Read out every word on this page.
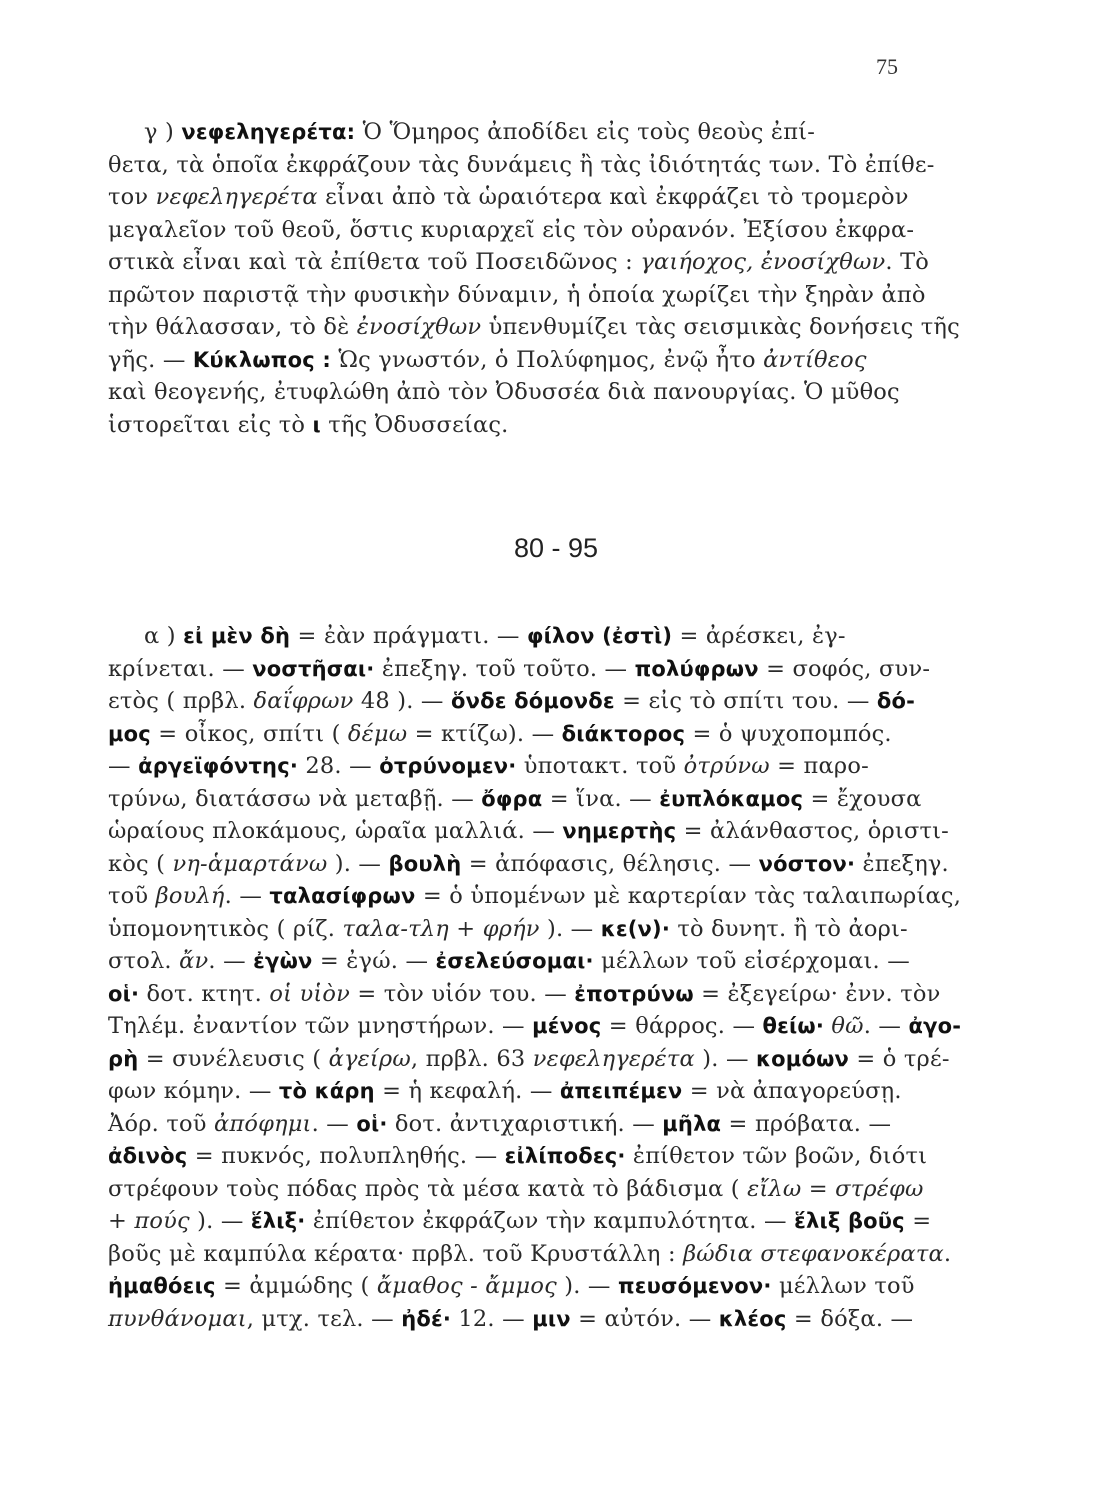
75
γ ) νεφεληγερέτα: Ὁ Ὅμηρος ἀποδίδει εἰς τοὺς θεοὺς ἐπί-
θετα, τὰ ὁποῖα ἐκφράζουν τὰς δυνάμεις ἢ τὰς ἰδιότητάς των. Τὸ ἐπίθε-
τον νεφεληγερέτα εἶναι ἀπὸ τὰ ὡραιότερα καὶ ἐκφράζει τὸ τρομερὸν
μεγαλεῖον τοῦ θεοῦ, ὅστις κυριαρχεῖ εἰς τὸν οὐρανόν. Ἐξίσου ἐκφρα-
στικὰ εἶναι καὶ τὰ ἐπίθετα τοῦ Ποσειδῶνος : γαιήοχος, ἐνοσίχθων. Τὸ
πρῶτον παριστᾷ τὴν φυσικὴν δύναμιν, ἡ ὁποία χωρίζει τὴν ξηρὰν ἀπὸ
τὴν θάλασσαν, τὸ δὲ ἐνοσίχθων ὑπενθυμίζει τὰς σεισμικὰς δονήσεις τῆς
γῆς. — Κύκλωπος : Ὡς γνωστόν, ὁ Πολύφημος, ἐνῷ ἦτο ἀντίθεος
καὶ θεογενής, ἐτυφλώθη ἀπὸ τὸν Ὀδυσσέα διὰ πανουργίας. Ὁ μῦθος
ἱστορεῖται εἰς τὸ ι τῆς Ὀδυσσείας.
80 - 95
α ) εἰ μὲν δὴ = ἐὰν πράγματι. — φίλον (ἐστὶ) = ἀρέσκει, ἐγ-
κρίνεται. — νοστῆσαι· ἐπεξηγ. τοῦ τοῦτο. — πολύφρων = σοφός, συν-
ετὸς ( πρβλ. δαΐφρων 48 ). — ὅνδε δόμονδε = εἰς τὸ σπίτι του. — δό-
μος = οἶκος, σπίτι ( δέμω = κτίζω). — διάκτορος = ὁ ψυχοπομπός.
— ἀργεϊφόντης· 28. — ὀτρύνομεν· ὑποτακτ. τοῦ ὀτρύνω = παρο-
τρύνω, διατάσσω νὰ μεταβῇ. — ὄφρα = ἵνα. — ἐυπλόκαμος = ἔχουσα
ὡραίους πλοκάμους, ὡραῖα μαλλιά. — νημερτὴς = ἀλάνθαστος, ὁριστι-
κὸς ( νη-ἁμαρτάνω ). — βουλὴ = ἀπόφασις, θέλησις. — νόστον· ἐπεξηγ.
τοῦ βουλή. — ταλασίφρων = ὁ ὑπομένων μὲ καρτερίαν τὰς ταλαιπωρίας,
ὑπομονητικὸς ( ρίζ. ταλα-τλη + φρήν ). — κε(ν)· τὸ δυνητ. ἢ τὸ ἀορι-
στολ. ἄν. — ἐγὼν = ἐγώ. — ἐσελεύσομαι· μέλλων τοῦ εἰσέρχομαι. —
οἱ· δοτ. κτητ. οἱ υἱὸν = τὸν υἱόν του. — ἐποτρύνω = ἐξεγείρω· ἐνν. τὸν
Τηλέμ. ἐναντίον τῶν μνηστήρων. — μένος = θάρρος. — θείω· θῶ. — ἀγο-
ρὴ = συνέλευσις ( ἀγείρω, πρβλ. 63 νεφεληγερέτα ). — κομόων = ὁ τρέ-
φων κόμην. — τὸ κάρη = ἡ κεφαλή. — ἀπειπέμεν = νὰ ἀπαγορεύσῃ.
Ἀόρ. τοῦ ἀπόφημι. — οἱ· δοτ. ἀντιχαριστική. — μῆλα = πρόβατα. —
ἀδινὸς = πυκνός, πολυπληθής. — εἰλίποδες· ἐπίθετον τῶν βοῶν, διότι
στρέφουν τοὺς πόδας πρὸς τὰ μέσα κατὰ τὸ βάδισμα ( εἴλω = στρέφω
+ πούς ). — ἕλιξ· ἐπίθετον ἐκφράζων τὴν καμπυλότητα. — ἕλιξ βοῦς =
βοῦς μὲ καμπύλα κέρατα· πρβλ. τοῦ Κρυστάλλη : βώδια στεφανοκέρατα.
ἠμαθόεις = ἀμμώδης ( ἄμαθος - ἄμμος ). — πευσόμενον· μέλλων τοῦ
πυνθάνομαι, μτχ. τελ. — ἠδέ· 12. — μιν = αὐτόν. — κλέος = δόξα. —
